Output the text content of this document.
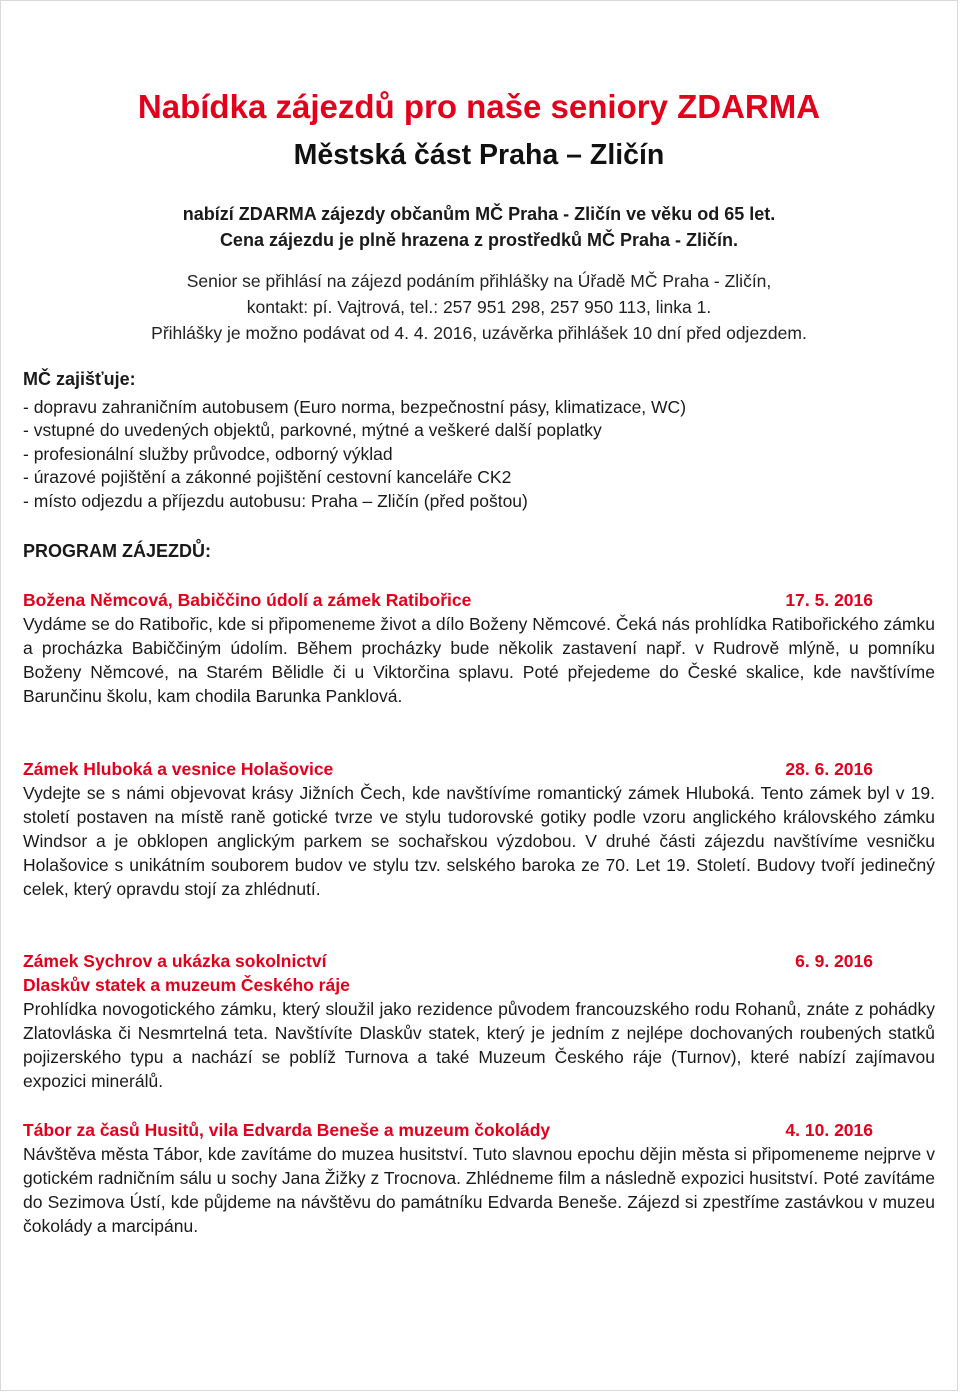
Nabídka zájezdů pro naše seniory ZDARMA
Městská část Praha – Zličín
nabízí ZDARMA zájezdy občanům MČ Praha - Zličín ve věku od 65 let.
Cena zájezdu je plně hrazena z prostředků MČ Praha - Zličín.
Senior se přihlásí na zájezd podáním přihlášky na Úřadě MČ Praha - Zličín,
kontakt: pí. Vajtrová, tel.: 257 951 298, 257 950 113, linka 1.
Přihlášky je možno podávat od 4. 4. 2016, uzávěrka přihlášek 10 dní před odjezdem.
MČ zajišťuje:
- dopravu zahraničním autobusem (Euro norma, bezpečnostní pásy, klimatizace, WC)
- vstupné do uvedených objektů, parkovné, mýtné a veškeré další poplatky
- profesionální služby průvodce, odborný výklad
- úrazové pojištění a zákonné pojištění cestovní kanceláře CK2
- místo odjezdu a příjezdu autobusu: Praha – Zličín (před poštou)
PROGRAM ZÁJEZDŮ:
Božena Němcová, Babiččino údolí a zámek Ratibořice	17. 5. 2016
Vydáme se do Ratibořic, kde si připomeneme život a dílo Boženy Němcové. Čeká nás prohlídka Ratibořického zámku a procházka Babiččiným údolím. Během procházky bude několik zastavení např. v Rudrově mlýně, u pomníku Boženy Němcové, na Starém Bělidle či u Viktorčina splavu. Poté přejedeme do České skalice, kde navštívíme Barunčinu školu, kam chodila Barunka Panklová.
Zámek Hluboká a vesnice Holašovice	28. 6. 2016
Vydejte se s námi objevovat krásy Jižních Čech, kde navštívíme romantický zámek Hluboká. Tento zámek byl v 19. století postaven na místě raně gotické tvrze ve stylu tudorovské gotiky podle vzoru anglického královského zámku Windsor a je obklopen anglickým parkem se sochařskou výzdobou. V druhé části zájezdu navštívíme vesničku Holašovice s unikátním souborem budov ve stylu tzv. selského baroka ze 70. Let 19. Století. Budovy tvoří jedinečný celek, který opravdu stojí za zhlédnutí.
Zámek Sychrov a ukázka sokolnictví	6. 9. 2016
Dlaskův statek a muzeum Českého ráje
Prohlídka novogotického zámku, který sloužil jako rezidence původem francouzského rodu Rohanů, znáte z pohádky Zlatovláska či Nesmrtelná teta. Navštívíte Dlaskův statek, který je jedním z nejlépe dochovaných roubených statků pojizerského typu a nachází se poblíž Turnova a také Muzeum Českého ráje (Turnov), které nabízí zajímavou expozici minerálů.
Tábor za časů Husitů, vila Edvarda Beneše a muzeum čokolády	4. 10. 2016
Návštěva města Tábor, kde zavítáme do muzea husitství. Tuto slavnou epochu dějin města si připomeneme nejprve v gotickém radničním sálu u sochy Jana Žižky z Trocnova. Zhlédneme film a následně expozici husitství. Poté zavítáme do Sezimova Ústí, kde půjdeme na návštěvu do památníku Edvarda Beneše. Zájezd si zpestříme zastávkou v muzeu čokolády a marcipánu.
